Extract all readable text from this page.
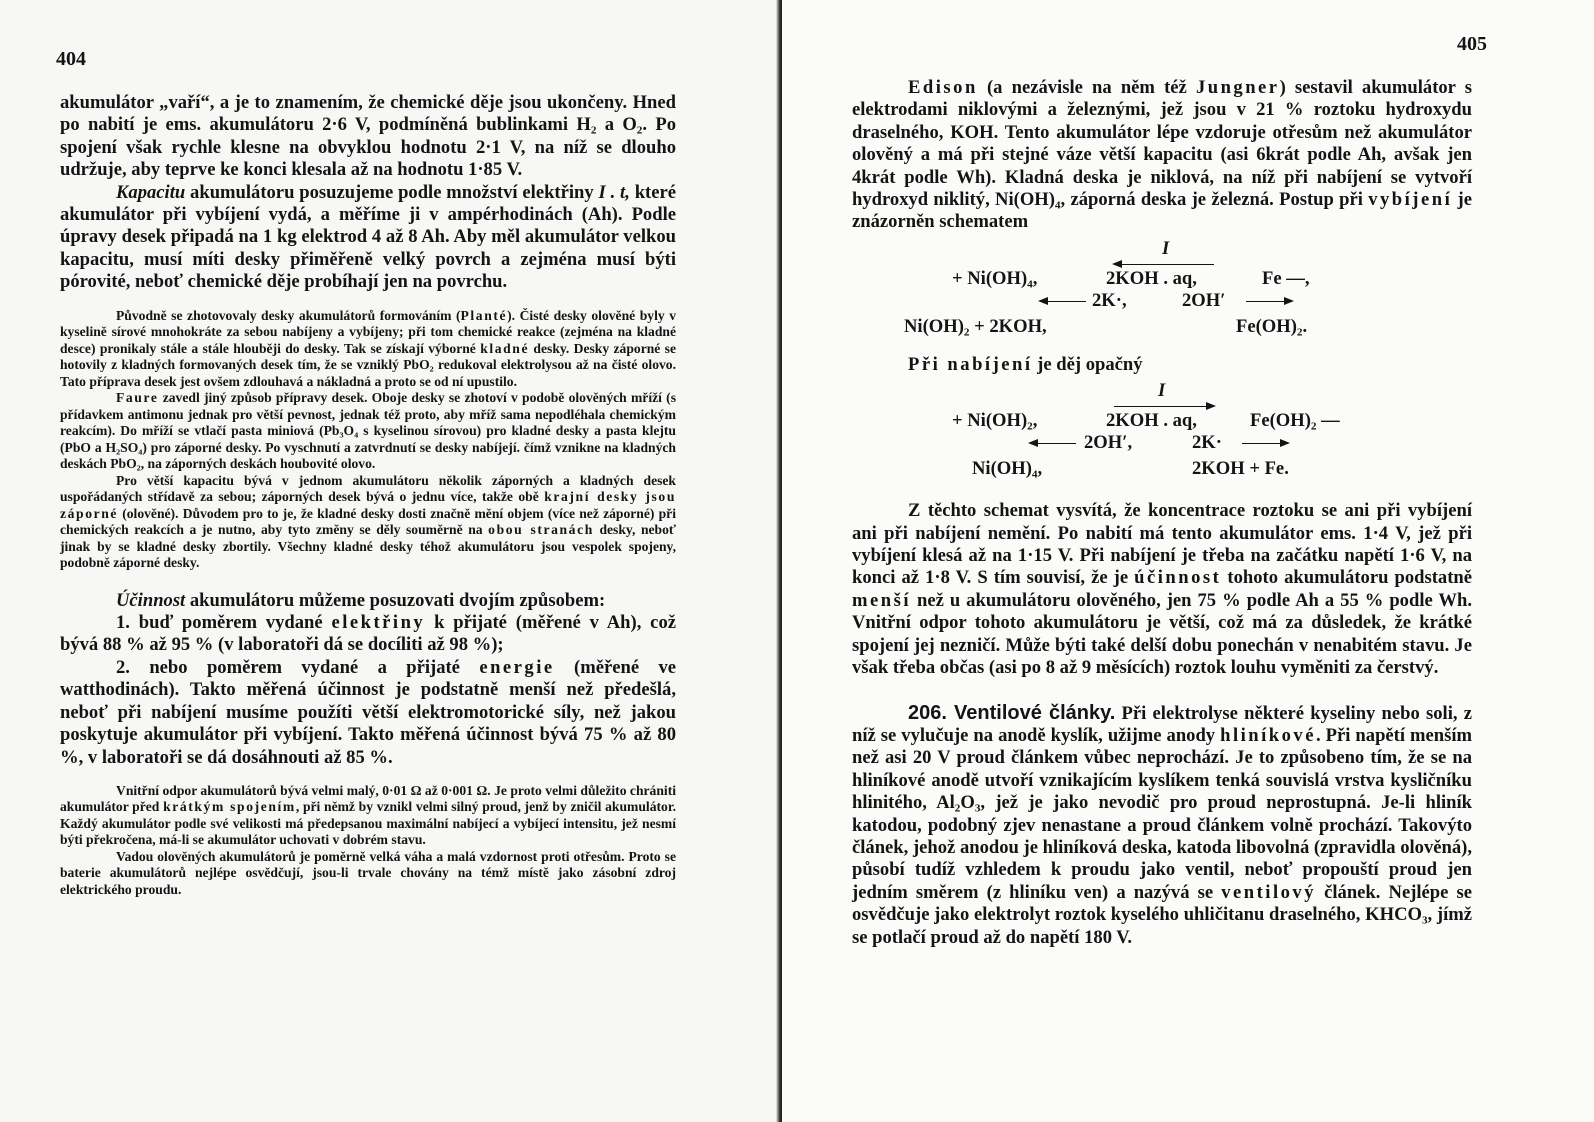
404

akumulátor „vaří“, a je to znamením, že chemické děje jsou ukončeny. Hned po nabití je ems. akumulátoru 2·6 V, podmíněná bublinkami H₂ a O₂. Po spojení však rychle klesne na obvyklou hodnotu 2·1 V, na níž se dlouho udržuje, aby teprve ke konci klesala až na hodnotu 1·85 V.

Kapacitu akumulátoru posuzujeme podle množství elektřiny I . t, které akumulátor při vybíjení vydá, a měříme ji v ampérhodinách (Ah). Podle úpravy desek připadá na 1 kg elektrod 4 až 8 Ah. Aby měl akumulátor velkou kapacitu, musí míti desky přiměřeně velký povrch a zejména musí býti pórovité, neboť chemické děje probíhají jen na povrchu.

Původně se zhotovovaly desky akumulátorů formováním (Planté). Čisté desky olověné byly v kyselině sírové mnohokráte za sebou nabíjeny a vybíjeny; při tom chemické reakce (zejména na kladné desce) pronikaly stále a stále hlouběji do desky. Tak se získají výborné kladné desky. Desky záporné se hotovily z kladných formovaných desek tím, že se vzniklý PbO₂ redukoval elektrolysou až na čisté olovo. Tato příprava desek jest ovšem zdlouhavá a nákladná a proto se od ní upustilo.

Faure zavedl jiný způsob přípravy desek. Oboje desky se zhotoví v podobě olověných mříží (s přídavkem antimonu jednak pro větší pevnost, jednak též proto, aby mříž sama nepodléhala chemickým reakcím). Do mříží se vtlačí pasta miniová (Pb₃O₄ s kyselinou sírovou) pro kladné desky a pasta klejtu (PbO a H₂SO₄) pro záporné desky. Po vyschnutí a zatvrdnutí se desky nabíjejí. čímž vznikne na kladných deskách PbO₂, na záporných deskách houbovité olovo.

Pro větší kapacitu bývá v jednom akumulátoru několik záporných a kladných desek uspořádaných střídavě za sebou; záporných desek bývá o jednu více, takže obě krajní desky jsou záporné (olověné). Důvodem pro to je, že kladné desky dosti značně mění objem (více než záporné) při chemických reakcích a je nutno, aby tyto změny se děly souměrně na obou stranách desky, neboť jinak by se kladné desky zbortily. Všechny kladné desky téhož akumulátoru jsou vespolek spojeny, podobně záporné desky.

Účinnost akumulátoru můžeme posuzovati dvojím způsobem:

1. buď poměrem vydané elektřiny k přijaté (měřené v Ah), což bývá 88 % až 95 % (v laboratoři dá se docíliti až 98 %);

2. nebo poměrem vydané a přijaté energie (měřené ve watthodinách). Takto měřená účinnost je podstatně menší než předešlá, neboť při nabíjení musíme použíti větší elektromotorické síly, než jakou poskytuje akumulátor při vybíjení. Takto měřená účinnost bývá 75 % až 80 %, v laboratoři se dá dosáhnouti až 85 %.

Vnitřní odpor akumulátorů bývá velmi malý, 0·01 Ω až 0·001 Ω. Je proto velmi důležito chrániti akumulátor před krátkým spojením, při němž by vznikl velmi silný proud, jenž by zničil akumulátor. Každý akumulátor podle své velikosti má předepsanou maximální nabíjecí a vybíjecí intensitu, jež nesmí býti překročena, má-li se akumulátor uchovati v dobrém stavu.

Vadou olověných akumulátorů je poměrně velká váha a malá vzdornost proti otřesům. Proto se baterie akumulátorů nejlépe osvědčují, jsou-li trvale chovány na témž místě jako zásobní zdroj elektrického proudu.

405

Edison (a nezávisle na něm též Jungner) sestavil akumulátor s elektrodami niklovými a železnými, jež jsou v 21 % roztoku hydroxydu draselného, KOH. Tento akumulátor lépe vzdoruje otřesům než akumulátor olověný a má při stejné váze větší kapacitu (asi 6krát podle Ah, avšak jen 4krát podle Wh). Kladná deska je niklová, na níž při nabíjení se vytvoří hydroxyd niklitý, Ni(OH)₄, záporná deska je železná. Postup při vybíjení je znázorněn schematem

I
+ Ni(OH)₄,	2KOH . aq,	Fe —,
2K·,	2OH′
Ni(OH)₂ + 2KOH,	Fe(OH)₂.

Při nabíjení je děj opačný

I
+ Ni(OH)₂,	2KOH . aq,	Fe(OH)₂ —
2OH′,	2K·
Ni(OH)₄,	2KOH + Fe.

Z těchto schemat vysvítá, že koncentrace roztoku se ani při vybíjení ani při nabíjení nemění. Po nabití má tento akumulátor ems. 1·4 V, jež při vybíjení klesá až na 1·15 V. Při nabíjení je třeba na začátku napětí 1·6 V, na konci až 1·8 V. S tím souvisí, že je účinnost tohoto akumulátoru podstatně menší než u akumulátoru olověného, jen 75 % podle Ah a 55 % podle Wh. Vnitřní odpor tohoto akumulátoru je větší, což má za důsledek, že krátké spojení jej nezničí. Může býti také delší dobu ponechán v nenabitém stavu. Je však třeba občas (asi po 8 až 9 měsících) roztok louhu vyměniti za čerstvý.

206. Ventilové články. Při elektrolyse některé kyseliny nebo soli, z níž se vylučuje na anodě kyslík, užijme anody hliníkové. Při napětí menším než asi 20 V proud článkem vůbec neprochází. Je to způsobeno tím, že se na hliníkové anodě utvoří vznikajícím kyslíkem tenká souvislá vrstva kysličníku hlinitého, Al₂O₃, jež je jako nevodič pro proud neprostupná. Je-li hliník katodou, podobný zjev nenastane a proud článkem volně prochází. Takovýto článek, jehož anodou je hliníková deska, katoda libovolná (zpravidla olověná), působí tudíž vzhledem k proudu jako ventil, neboť propouští proud jen jedním směrem (z hliníku ven) a nazývá se ventilový článek. Nejlépe se osvědčuje jako elektrolyt roztok kyselého uhličitanu draselného, KHCO₃, jímž se potlačí proud až do napětí 180 V.
